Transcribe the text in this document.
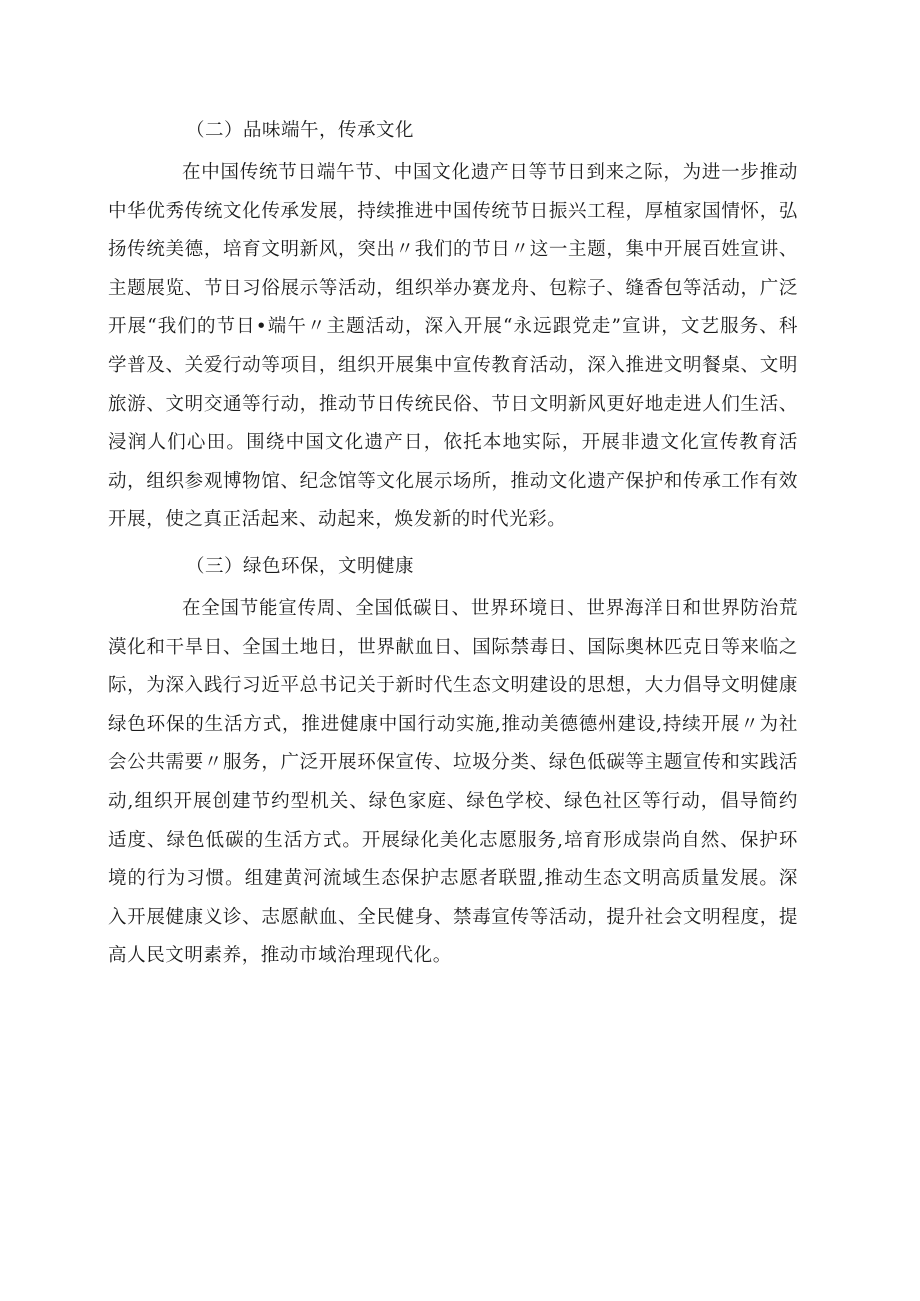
（二）品味端午，传承文化

在中国传统节日端午节、中国文化遗产日等节日到来之际，为进一步推动中华优秀传统文化传承发展，持续推进中国传统节日振兴工程，厚植家国情怀，弘扬传统美德，培育文明新风，突出〃我们的节日〃这一主题，集中开展百姓宣讲、主题展览、节日习俗展示等活动，组织举办赛龙舟、包粽子、缝香包等活动，广泛开展“我们的节日•端午〃主题活动，深入开展“永远跟党走”宣讲，文艺服务、科学普及、关爱行动等项目，组织开展集中宣传教育活动，深入推进文明餐桌、文明旅游、文明交通等行动，推动节日传统民俗、节日文明新风更好地走进人们生活、浸润人们心田。围绕中国文化遗产日，依托本地实际，开展非遗文化宣传教育活动，组织参观博物馆、纪念馆等文化展示场所，推动文化遗产保护和传承工作有效开展，使之真正活起来、动起来，焕发新的时代光彩。

（三）绿色环保，文明健康

在全国节能宣传周、全国低碳日、世界环境日、世界海洋日和世界防治荒漠化和干旱日、全国土地日，世界献血日、国际禁毒日、国际奥林匹克日等来临之际，为深入践行习近平总书记关于新时代生态文明建设的思想，大力倡导文明健康绿色环保的生活方式，推进健康中国行动实施,推动美德德州建设,持续开展〃为社会公共需要〃服务，广泛开展环保宣传、垃圾分类、绿色低碳等主题宣传和实践活动,组织开展创建节约型机关、绿色家庭、绿色学校、绿色社区等行动，倡导简约适度、绿色低碳的生活方式。开展绿化美化志愿服务,培育形成崇尚自然、保护环境的行为习惯。组建黄河流域生态保护志愿者联盟,推动生态文明高质量发展。深入开展健康义诊、志愿献血、全民健身、禁毒宣传等活动，提升社会文明程度，提高人民文明素养，推动市域治理现代化。
